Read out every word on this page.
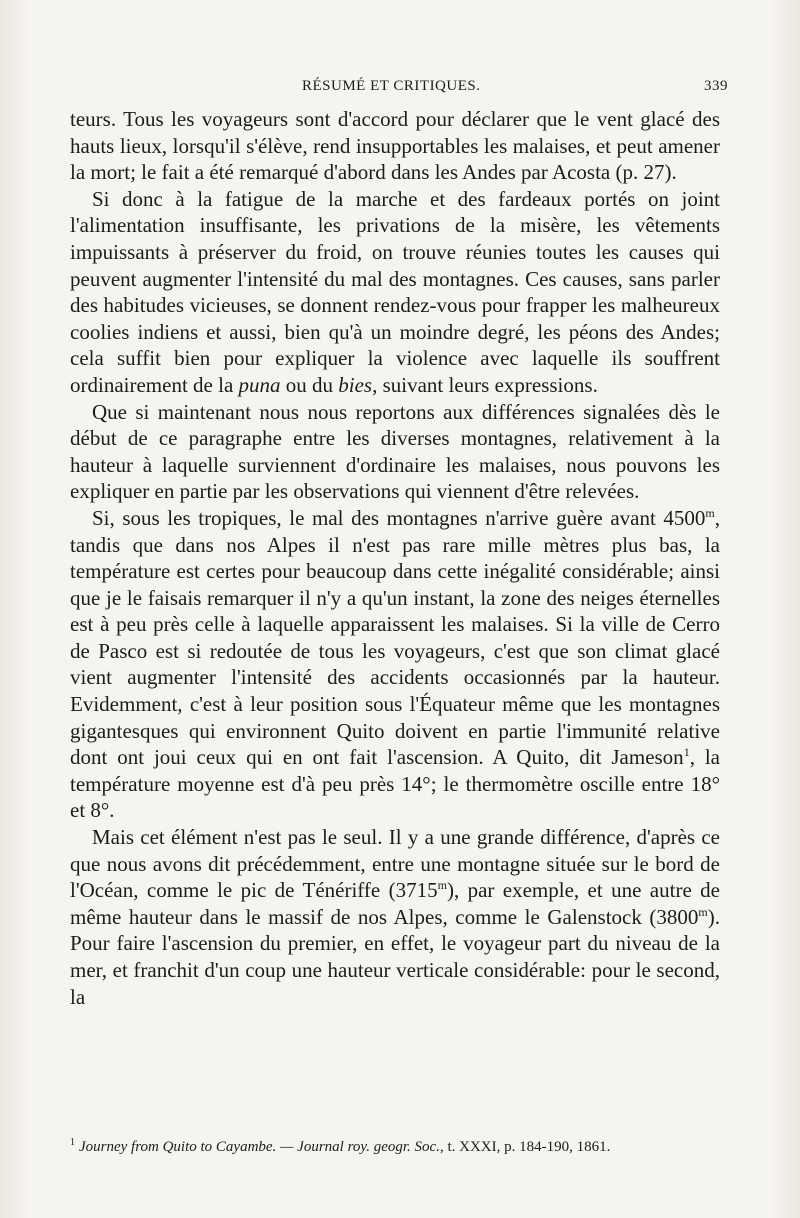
RÉSUMÉ ET CRITIQUES.	339

teurs. Tous les voyageurs sont d'accord pour déclarer que le vent glacé des hauts lieux, lorsqu'il s'élève, rend insupportables les malaises, et peut amener la mort; le fait a été remarqué d'abord dans les Andes par Acosta (p. 27).

Si donc à la fatigue de la marche et des fardeaux portés on joint l'alimentation insuffisante, les privations de la misère, les vêtements impuissants à préserver du froid, on trouve réunies toutes les causes qui peuvent augmenter l'intensité du mal des montagnes. Ces causes, sans parler des habitudes vicieuses, se donnent rendez-vous pour frapper les malheureux coolies indiens et aussi, bien qu'à un moindre degré, les péons des Andes; cela suffit bien pour expliquer la violence avec laquelle ils souffrent ordinairement de la puna ou du bies, suivant leurs expressions.

Que si maintenant nous nous reportons aux différences signalées dès le début de ce paragraphe entre les diverses montagnes, relativement à la hauteur à laquelle surviennent d'ordinaire les malaises, nous pouvons les expliquer en partie par les observations qui viennent d'être relevées.

Si, sous les tropiques, le mal des montagnes n'arrive guère avant 4500$^m$, tandis que dans nos Alpes il n'est pas rare mille mètres plus bas, la température est certes pour beaucoup dans cette inégalité considérable; ainsi que je le faisais remarquer il n'y a qu'un instant, la zone des neiges éternelles est à peu près celle à laquelle apparaissent les malaises. Si la ville de Cerro de Pasco est si redoutée de tous les voyageurs, c'est que son climat glacé vient augmenter l'intensité des accidents occasionnés par la hauteur. Evidemment, c'est à leur position sous l'Équateur même que les montagnes gigantesques qui environnent Quito doivent en partie l'immunité relative dont ont joui ceux qui en ont fait l'ascension. A Quito, dit Jameson$^1$, la température moyenne est d'à peu près 14°; le thermomètre oscille entre 18° et 8°.

Mais cet élément n'est pas le seul. Il y a une grande différence, d'après ce que nous avons dit précédemment, entre une montagne située sur le bord de l'Océan, comme le pic de Ténériffe (3715$^m$), par exemple, et une autre de même hauteur dans le massif de nos Alpes, comme le Galenstock (3800$^m$). Pour faire l'ascension du premier, en effet, le voyageur part du niveau de la mer, et franchit d'un coup une hauteur verticale considérable: pour le second, la

$^1$ Journey from Quito to Cayambe. — Journal roy. geogr. Soc., t. XXXI, p. 184-190, 1861.
